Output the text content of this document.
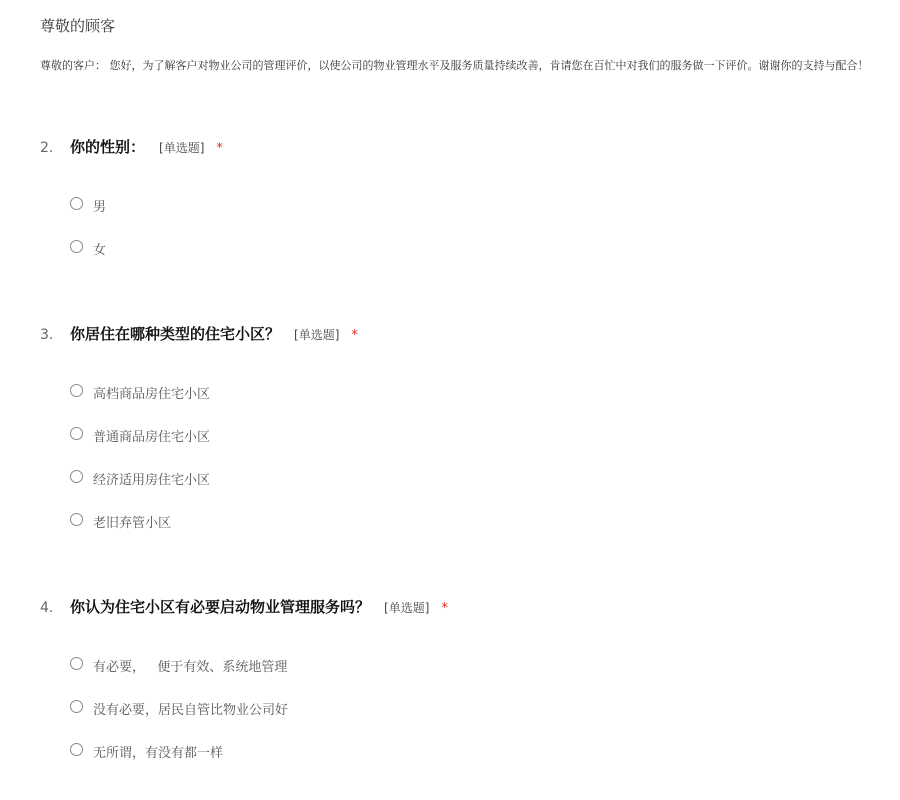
尊敬的顾客
尊敬的客户： 您好，为了解客户对物业公司的管理评价，以使公司的物业管理水平及服务质量持续改善，肯请您在百忙中对我们的服务做一下评价。谢谢你的支持与配合！
2. 你的性别： [单选题] *
男
女
3. 你居住在哪种类型的住宅小区？ [单选题] *
高档商品房住宅小区
普通商品房住宅小区
经济适用房住宅小区
老旧弃管小区
4. 你认为住宅小区有必要启动物业管理服务吗？ [单选题] *
有必要，   便于有效、系统地管理
没有必要，居民自管比物业公司好
无所谓，有没有都一样
